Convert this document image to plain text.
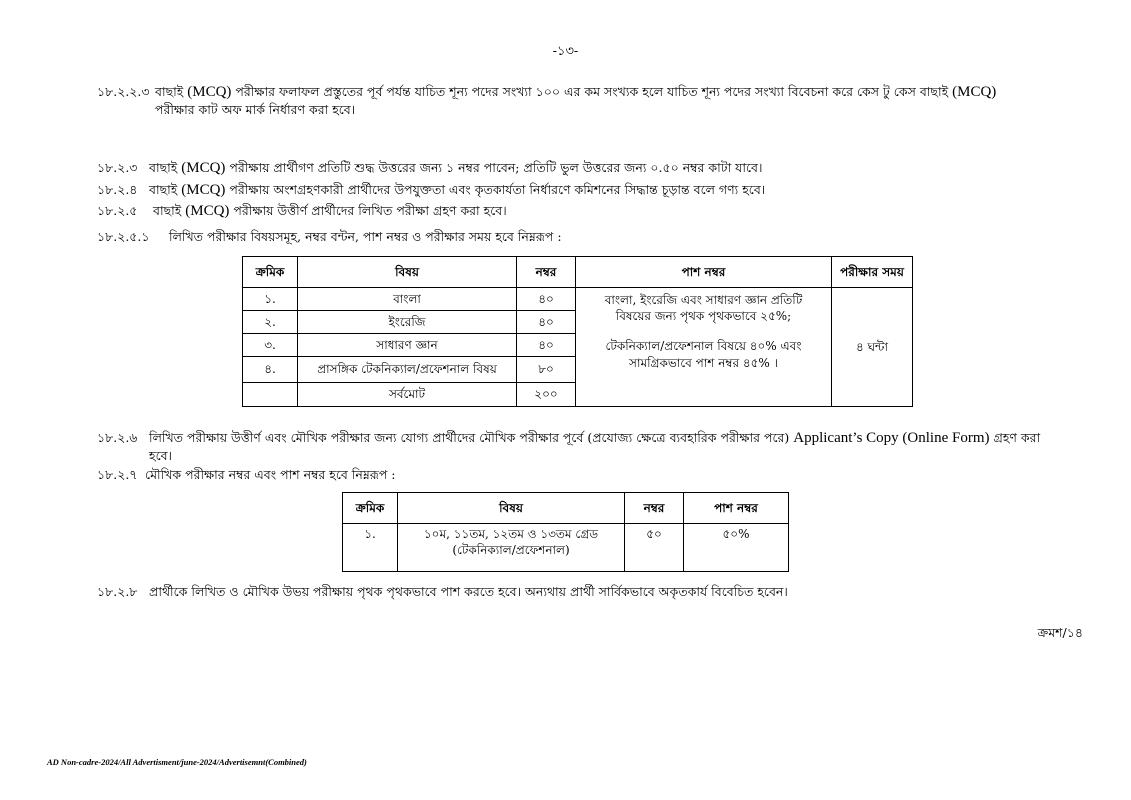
-১৩-
১৮.২.২.৩ বাছাই (MCQ) পরীক্ষার ফলাফল প্রস্তুতের পূর্ব পর্যন্ত যাচিত শূন্য পদের সংখ্যা ১০০ এর কম সংখ্যক হলে যাচিত শূন্য পদের সংখ্যা বিবেচনা করে কেস টু কেস বাছাই (MCQ)
পরীক্ষার কাট অফ মার্ক নির্ধারণ করা হবে।
১৮.২.৩ বাছাই (MCQ) পরীক্ষায় প্রার্থীগণ প্রতিটি শুদ্ধ উত্তরের জন্য ১ নম্বর পাবেন; প্রতিটি ভুল উত্তরের জন্য ০.৫০ নম্বর কাটা যাবে।
১৮.২.৪ বাছাই (MCQ) পরীক্ষায় অংশগ্রহণকারী প্রার্থীদের উপযুক্ততা এবং কৃতকার্যতা নির্ধারণে কমিশনের সিদ্ধান্ত চূড়ান্ত বলে গণ্য হবে।
১৮.২.৫ বাছাই (MCQ) পরীক্ষায় উত্তীর্ণ প্রার্থীদের লিখিত পরীক্ষা গ্রহণ করা হবে।
১৮.২.৫.১ লিখিত পরীক্ষার বিষয়সমূহ, নম্বর বন্টন, পাশ নম্বর ও পরীক্ষার সময় হবে নিম্নরূপ :
ক্রমিক	বিষয়	নম্বর	পাশ নম্বর	পরীক্ষার সময়
১.	বাংলা	৪০	বাংলা, ইংরেজি এবং সাধারণ জ্ঞান প্রতিটি
বিষয়ের জন্য পৃথক পৃথকভাবে ২৫%;
টেকনিক্যাল/প্রফেশনাল বিষয়ে ৪০% এবং
সামগ্রিকভাবে পাশ নম্বর ৪৫% ।	৪ ঘন্টা
২.	ইংরেজি	৪০		
৩.	সাধারণ জ্ঞান	৪০		
৪.	প্রাসঙ্গিক টেকনিক্যাল/প্রফেশনাল বিষয়	৮০		
	সর্বমোট	২০০		
১৮.২.৬ লিখিত পরীক্ষায় উত্তীর্ণ এবং মৌখিক পরীক্ষার জন্য যোগ্য প্রার্থীদের মৌখিক পরীক্ষার পূর্বে (প্রযোজ্য ক্ষেত্রে ব্যবহারিক পরীক্ষার পরে) Applicant’s Copy (Online Form) গ্রহণ করা
হবে।
১৮.২.৭ মৌখিক পরীক্ষার নম্বর এবং পাশ নম্বর হবে নিম্নরূপ :
ক্রমিক	বিষয়	নম্বর	পাশ নম্বর
১.	১০ম, ১১তম, ১২তম ও ১৩তম গ্রেড
(টেকনিক্যাল/প্রফেশনাল)	৫০	৫০%
১৮.২.৮ প্রার্থীকে লিখিত ও মৌখিক উভয় পরীক্ষায় পৃথক পৃথকভাবে পাশ করতে হবে। অন্যথায় প্রার্থী সার্বিকভাবে অকৃতকার্য বিবেচিত হবেন।
ক্রমশ/১৪
AD Non-cadre-2024/All Advertisment/june-2024/Advertisemnt(Combined)
